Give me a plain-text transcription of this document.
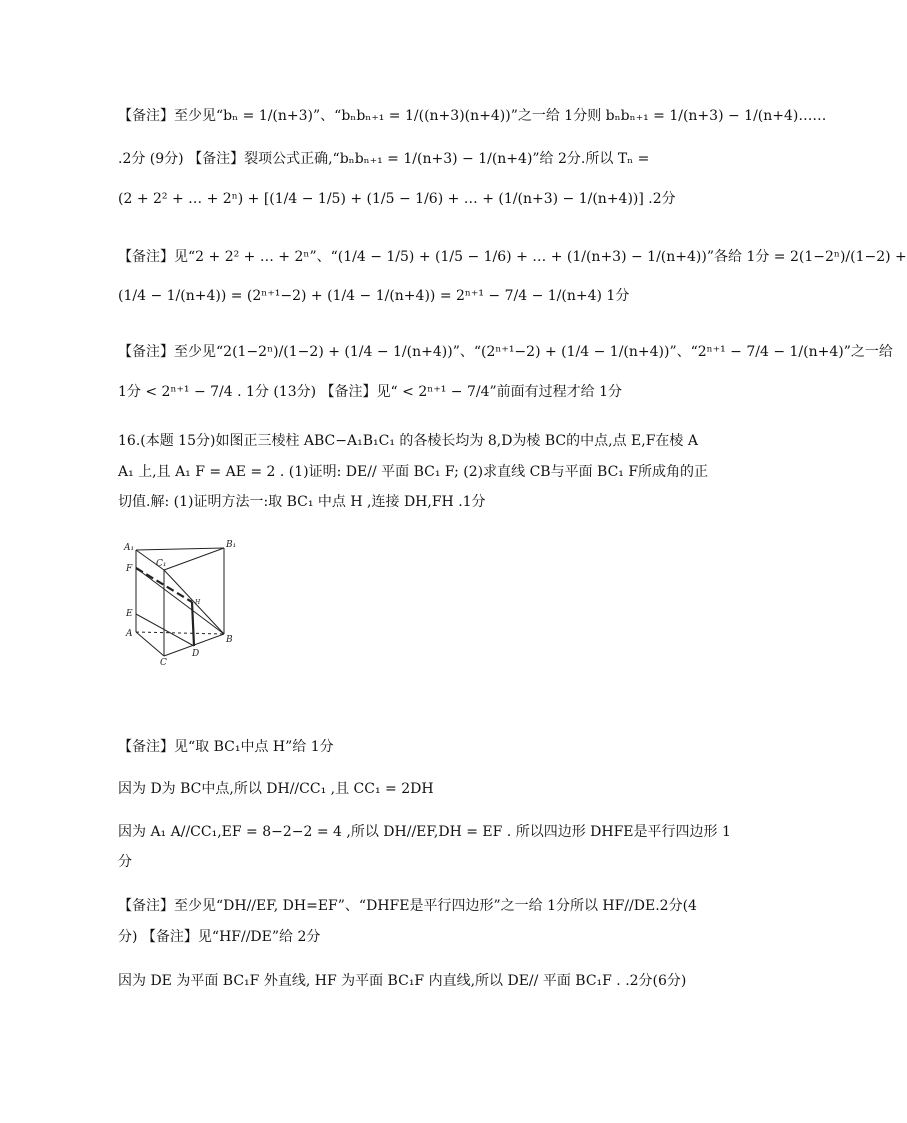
【备注】至少见“bₙ = 1/(n+3)”、“bₙbₙ₊₁ = 1/((n+3)(n+4))”之一给 1分则 bₙbₙ₊₁ = 1/(n+3) − 1/(n+4)……
.2分 (9分) 【备注】裂项公式正确,“bₙbₙ₊₁ = 1/(n+3) − 1/(n+4)”给 2分.所以 Tₙ =
(2 + 2² + … + 2ⁿ) + [(1/4 − 1/5) + (1/5 − 1/6) + … + (1/(n+3) − 1/(n+4))] .2分
【备注】见“2 + 2² + … + 2ⁿ”、“(1/4 − 1/5) + (1/5 − 1/6) + … + (1/(n+3) − 1/(n+4))”各给 1分 = 2(1−2ⁿ)/(1−2) +
(1/4 − 1/(n+4)) = (2ⁿ⁺¹−2) + (1/4 − 1/(n+4)) = 2ⁿ⁺¹ − 7/4 − 1/(n+4) 1分
【备注】至少见“2(1−2ⁿ)/(1−2) + (1/4 − 1/(n+4))”、“(2ⁿ⁺¹−2) + (1/4 − 1/(n+4))”、“2ⁿ⁺¹ − 7/4 − 1/(n+4)”之一给
1分 < 2ⁿ⁺¹ − 7/4 . 1分 (13分) 【备注】见“ < 2ⁿ⁺¹ − 7/4”前面有过程才给 1分
16.(本题 15分)如图正三棱柱 ABC−A₁B₁C₁ 的各棱长均为 8,D为棱 BC的中点,点 E,F在棱 A
A₁ 上,且 A₁ F = AE = 2 . (1)证明: DE// 平面 BC₁ F; (2)求直线 CB与平面 BC₁ F所成角的正
切值.解: (1)证明方法一:取 BC₁ 中点 H ,连接 DH,FH .1分
A₁	B₁
C₁
F
H
E
A
B
C
D
【备注】见“取 BC₁中点 H”给 1分
因为 D为 BC中点,所以 DH//CC₁ ,且 CC₁ = 2DH
因为 A₁ A//CC₁,EF = 8−2−2 = 4 ,所以 DH//EF,DH = EF . 所以四边形 DHFE是平行四边形 1
分
【备注】至少见“DH//EF, DH=EF”、“DHFE是平行四边形”之一给 1分所以 HF//DE.2分(4
分) 【备注】见“HF//DE”给 2分
因为 DE 为平面 BC₁F 外直线, HF 为平面 BC₁F 内直线,所以 DE// 平面 BC₁F . .2分(6分)
